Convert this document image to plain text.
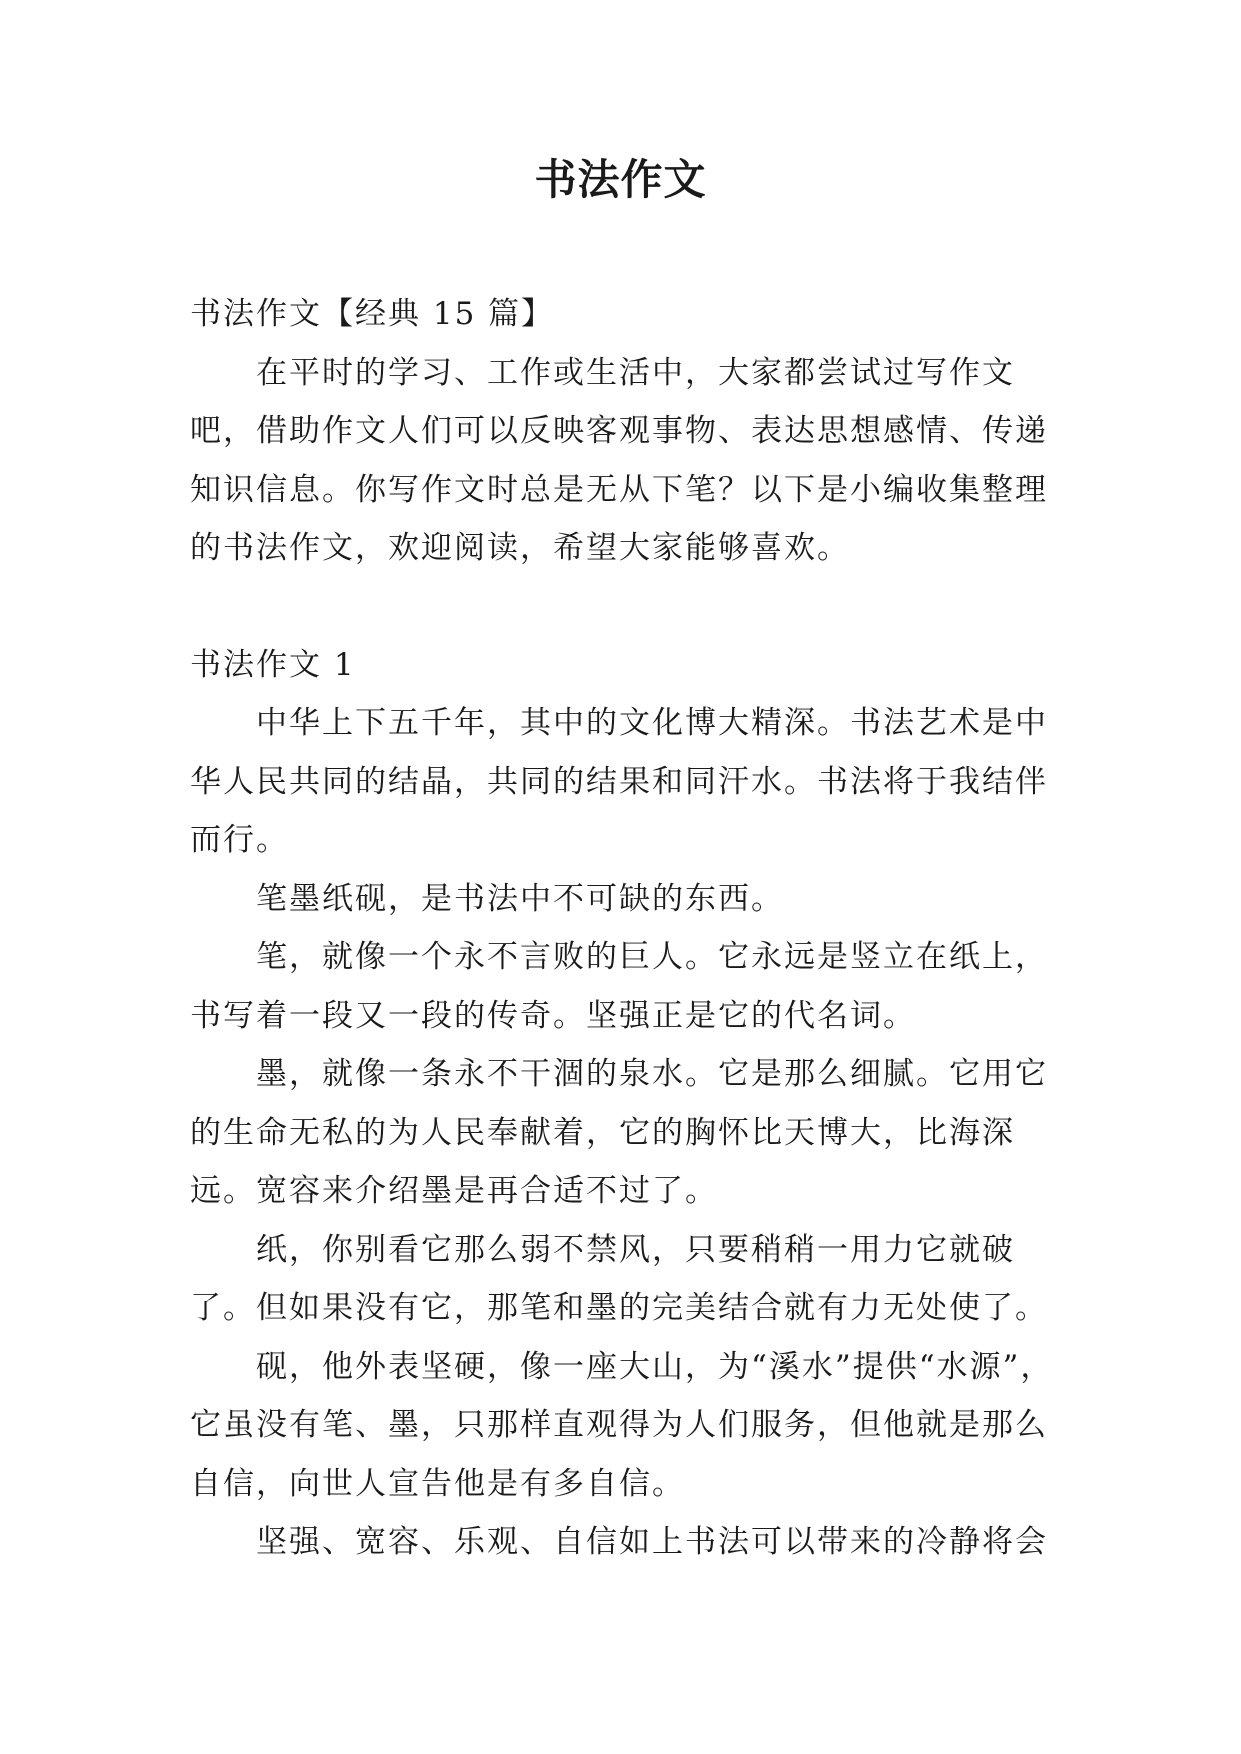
书法作文

书法作文【经典 15 篇】

在平时的学习、工作或生活中，大家都尝试过写作文吧，借助作文人们可以反映客观事物、表达思想感情、传递知识信息。你写作文时总是无从下笔？以下是小编收集整理的书法作文，欢迎阅读，希望大家能够喜欢。

书法作文 1

中华上下五千年，其中的文化博大精深。书法艺术是中华人民共同的结晶，共同的结果和同汗水。书法将于我结伴而行。

笔墨纸砚，是书法中不可缺的东西。

笔，就像一个永不言败的巨人。它永远是竖立在纸上，书写着一段又一段的传奇。坚强正是它的代名词。

墨，就像一条永不干涸的泉水。它是那么细腻。它用它的生命无私的为人民奉献着，它的胸怀比天博大，比海深远。宽容来介绍墨是再合适不过了。

纸，你别看它那么弱不禁风，只要稍稍一用力它就破了。但如果没有它，那笔和墨的完美结合就有力无处使了。

砚，他外表坚硬，像一座大山，为“溪水”提供“水源”，它虽没有笔、墨，只那样直观得为人们服务，但他就是那么自信，向世人宣告他是有多自信。

坚强、宽容、乐观、自信如上书法可以带来的冷静将会
